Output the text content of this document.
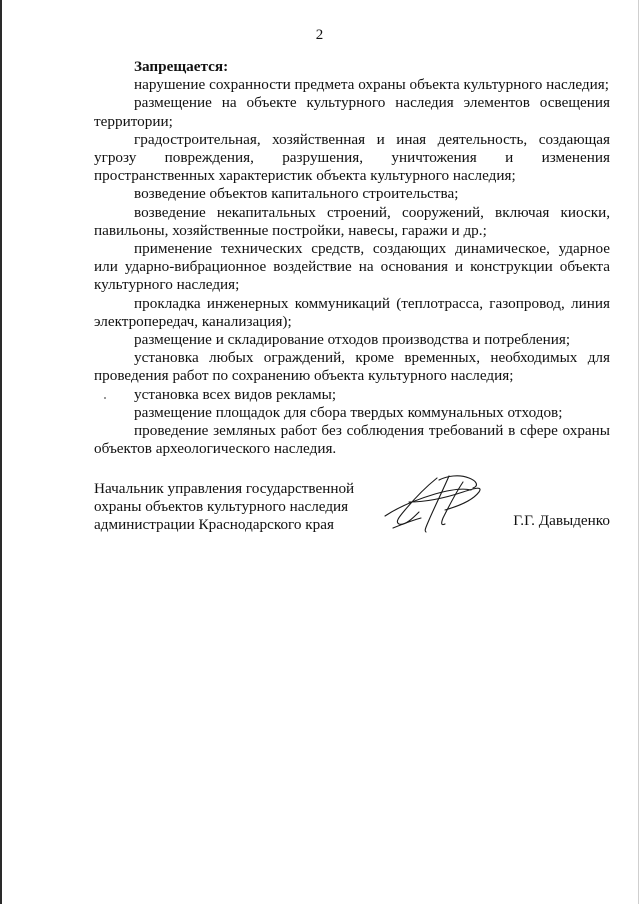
2
Запрещается:
нарушение сохранности предмета охраны объекта культурного наследия;
размещение на объекте культурного наследия элементов освещения территории;
градостроительная, хозяйственная и иная деятельность, создающая угрозу повреждения, разрушения, уничтожения и изменения пространственных характеристик объекта культурного наследия;
возведение объектов капитального строительства;
возведение некапитальных строений, сооружений, включая киоски, павильоны, хозяйственные постройки, навесы, гаражи и др.;
применение технических средств, создающих динамическое, ударное или ударно-вибрационное воздействие на основания и конструкции объекта культурного наследия;
прокладка инженерных коммуникаций (теплотрасса, газопровод, линия электропередач, канализация);
размещение и складирование отходов производства и потребления;
установка любых ограждений, кроме временных, необходимых для проведения работ по сохранению объекта культурного наследия;
установка всех видов рекламы;
размещение площадок для сбора твердых коммунальных отходов;
проведение земляных работ без соблюдения требований в сфере охраны объектов археологического наследия.
Начальник управления государственной
охраны объектов культурного наследия
администрации Краснодарского края	Г.Г. Давыденко
